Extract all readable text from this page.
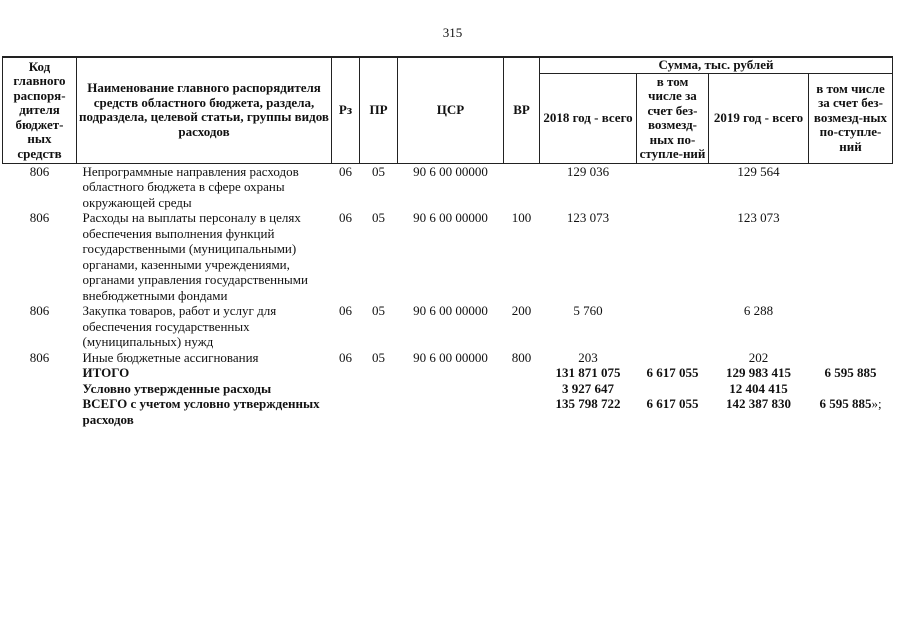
315
Код главного распоря-дителя бюджет-ных средств	Наименование главного распорядителя средств областного бюджета, раздела, подраздела, целевой статьи, группы видов расходов	Рз	ПР	ЦСР	ВР	Сумма, тыс. рублей			
						2018 год - всего	в том числе за счет без-возмезд-ных по-ступле-ний	2019 год - всего	в том числе за счет без-возмезд-ных по-ступле-ний
806	Непрограммные направления расходов областного бюджета в сфере охраны окружающей среды	06	05	90 6 00 00000		129 036		129 564	
806	Расходы на выплаты персоналу в целях обеспечения выполнения функций государственными (муниципальными) органами, казенными учреждениями, органами управления государственными внебюджетными фондами	06	05	90 6 00 00000	100	123 073		123 073	
806	Закупка товаров, работ и услуг для обеспечения государственных (муниципальных) нужд	06	05	90 6 00 00000	200	5 760		6 288	
806	Иные бюджетные ассигнования	06	05	90 6 00 00000	800	203		202	
	ИТОГО					131 871 075	6 617 055	129 983 415	6 595 885
	Условно утвержденные расходы					3 927 647		12 404 415	
	ВСЕГО с учетом условно утвержденных расходов					135 798 722	6 617 055	142 387 830	6 595 885»;
